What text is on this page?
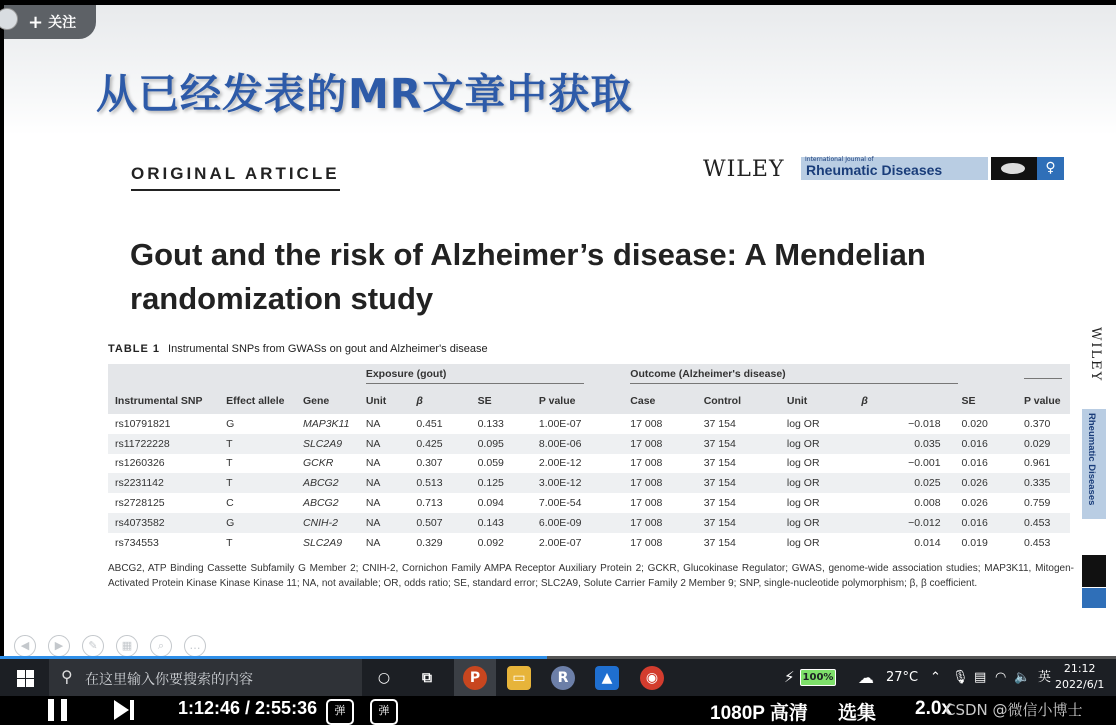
+ 关注
从已经发表的MR文章中获取
ORIGINAL ARTICLE	WILEY	International Journal of
Rheumatic Diseases	♀
Gout and the risk of Alzheimer’s disease: A Mendelian randomization study
TABLE 1 Instrumental SNPs from GWASs on gout and Alzheimer's disease
			Exposure (gout)				Outcome (Alzheimer's disease)					
Instrumental SNP	Effect allele	Gene	Unit	β	SE	P value	Case	Control	Unit	β	SE	P value
rs10791821	G	MAP3K11	NA	0.451	0.133	1.00E-07	17 008	37 154	log OR	−0.018	0.020	0.370
rs11722228	T	SLC2A9	NA	0.425	0.095	8.00E-06	17 008	37 154	log OR	0.035	0.016	0.029
rs1260326	T	GCKR	NA	0.307	0.059	2.00E-12	17 008	37 154	log OR	−0.001	0.016	0.961
rs2231142	T	ABCG2	NA	0.513	0.125	3.00E-12	17 008	37 154	log OR	0.025	0.026	0.335
rs2728125	C	ABCG2	NA	0.713	0.094	7.00E-54	17 008	37 154	log OR	0.008	0.026	0.759
rs4073582	G	CNIH-2	NA	0.507	0.143	6.00E-09	17 008	37 154	log OR	−0.012	0.016	0.453
rs734553	T	SLC2A9	NA	0.329	0.092	2.00E-07	17 008	37 154	log OR	0.014	0.019	0.453
ABCG2, ATP Binding Cassette Subfamily G Member 2; CNIH-2, Cornichon Family AMPA Receptor Auxiliary Protein 2; GCKR, Glucokinase Regulator; GWAS, genome-wide association studies; MAP3K11, Mitogen-Activated Protein Kinase Kinase Kinase 11; NA, not available; OR, odds ratio; SE, standard error; SLC2A9, Solute Carrier Family 2 Member 9; SNP, single-nucleotide polymorphism; β, β coefficient.
WILEY
Rheumatic Diseases
◀	▶	✎	▦	⌕	…
⚲ 在这里输入你要搜索的内容	○	⧉	P	▭	R	▲	◉	⚡ 100% ☁ 27°C ⌃ 🎙 ▤ ◠ 🔈 英
21:12
2022/6/1
1:12:46 / 2:55:36	弹	弹	1080P 高清 选集 2.0x
CSDN @微信小博士
